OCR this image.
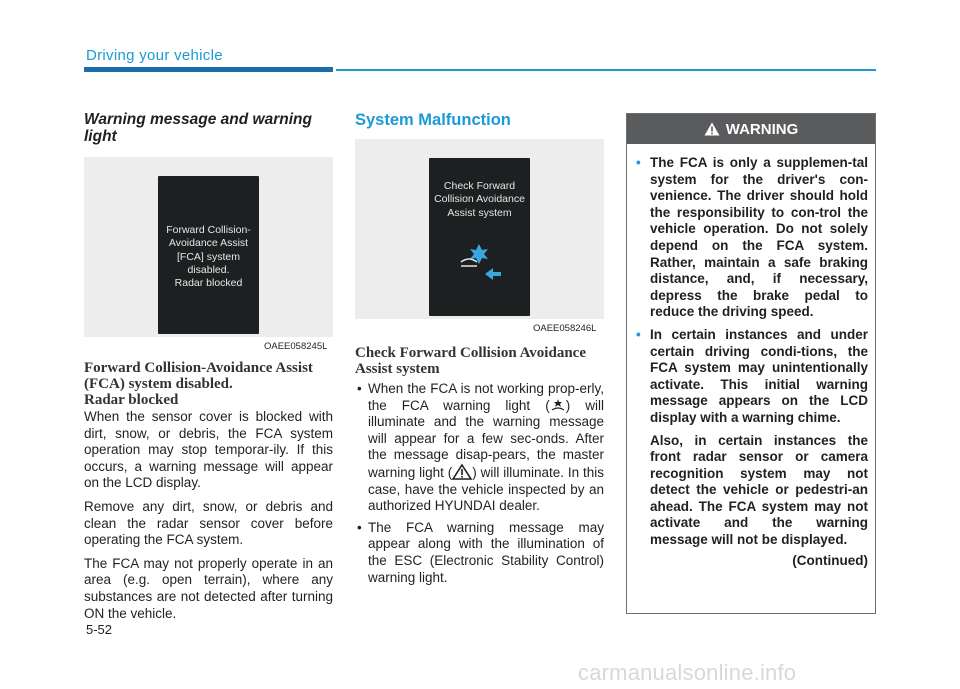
Driving your vehicle
Warning message and warning light
Forward Collision-
Avoidance Assist
[FCA] system
disabled.
Radar blocked
OAEE058245L
Forward Collision-Avoidance Assist
(FCA) system disabled.
Radar blocked

When the sensor cover is blocked with dirt, snow, or debris, the FCA system operation may stop temporar-ily. If this occurs, a warning message will appear on the LCD display.

Remove any dirt, snow, or debris and clean the radar sensor cover before operating the FCA system.

The FCA may not properly operate in an area (e.g. open terrain), where any substances are not detected after turning ON the vehicle.

System Malfunction
Check Forward
Collision Avoidance
Assist system
OAEE058246L
Check Forward Collision Avoidance
Assist system
• When the FCA is not working prop-erly, the FCA warning light ( ) will illuminate and the warning message will appear for a few sec-onds. After the message disap-pears, the master warning light ( ) will illuminate. In this case, have the vehicle inspected by an authorized HYUNDAI dealer.
• The FCA warning message may appear along with the illumination of the ESC (Electronic Stability Control) warning light.
WARNING
• The FCA is only a supplemen-tal system for the driver's con-venience. The driver should hold the responsibility to con-trol the vehicle operation. Do not solely depend on the FCA system. Rather, maintain a safe braking distance, and, if necessary, depress the brake pedal to reduce the driving speed.
• In certain instances and under certain driving condi-tions, the FCA system may unintentionally activate. This initial warning message appears on the LCD display with a warning chime.
Also, in certain instances the front radar sensor or camera recognition system may not detect the vehicle or pedestri-an ahead. The FCA system may not activate and the warning message will not be displayed.
(Continued)
5-52
carmanualsonline.info
